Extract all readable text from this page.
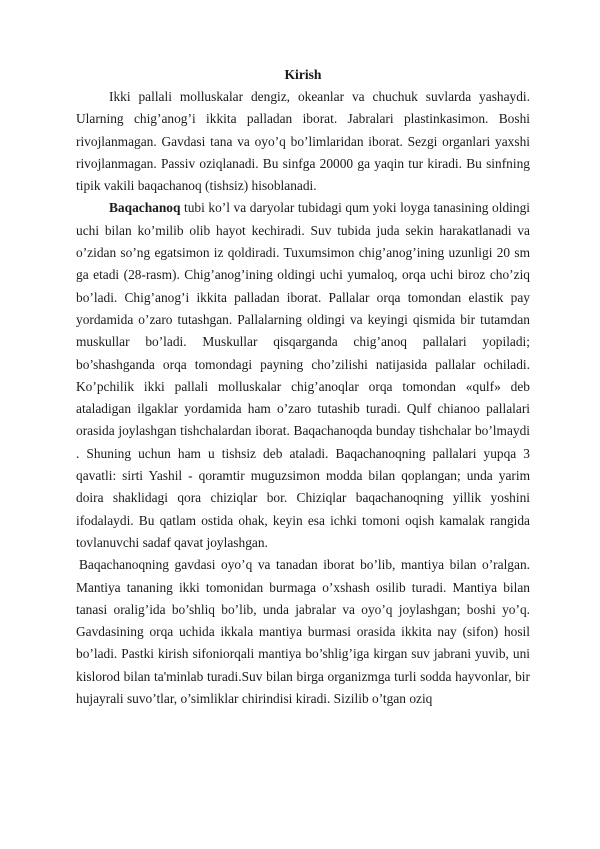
Kirish

Ikki pallali molluskalar dengiz, okeanlar va chuchuk suvlarda yashaydi. Ularning chig’anog’i ikkita palladan iborat. Jabralari plastinkasimon. Boshi rivojlanmagan. Gavdasi tana va oyo’q bo’limlaridan iborat. Sezgi organlari yaxshi rivojlanmagan. Passiv oziqlanadi. Bu sinfga 20000 ga yaqin tur kiradi. Bu sinfning tipik vakili baqachanoq (tishsiz) hisoblanadi.

Baqachanoq tubi ko’l va daryolar tubidagi qum yoki loyga tanasining oldingi uchi bilan ko’milib olib hayot kechiradi. Suv tubida juda sekin harakatlanadi va o’zidan so’ng egatsimon iz qoldiradi. Tuxumsimon chig’anog’ining uzunligi 20 sm ga etadi (28-rasm). Chig’anog’ining oldingi uchi yumaloq, orqa uchi biroz cho’ziq bo’ladi. Chig’anog’i ikkita palladan iborat. Pallalar orqa tomondan elastik pay yordamida o’zaro tutashgan. Pallalarning oldingi va keyingi qismida bir tutamdan muskullar bo’ladi. Muskullar qisqarganda chig’anoq pallalari yopiladi; bo’shashganda orqa tomondagi payning cho’zilishi natijasida pallalar ochiladi. Ko’pchilik ikki pallali molluskalar chig’anoqlar orqa tomondan «qulf» deb ataladigan ilgaklar yordamida ham o’zaro tutashib turadi. Qulf chianoo pallalari orasida joylashgan tishchalardan iborat. Baqachanoqda bunday tishchalar bo’lmaydi . Shuning uchun ham u tishsiz deb ataladi. Baqachanoqning pallalari yupqa 3 qavatli: sirti Yashil - qoramtir muguzsimon modda bilan qoplangan; unda yarim doira shaklidagi qora chiziqlar bor. Chiziqlar baqachanoqning yillik yoshini ifodalaydi. Bu qatlam ostida ohak, keyin esa ichki tomoni oqish kamalak rangida tovlanuvchi sadaf qavat joylashgan.

Baqachanoqning gavdasi oyo’q va tanadan iborat bo’lib, mantiya bilan o’ralgan. Mantiya tananing ikki tomonidan burmaga o’xshash osilib turadi. Mantiya bilan tanasi oralig’ida bo’shliq bo’lib, unda jabralar va oyo’q joylashgan; boshi yo’q. Gavdasining orqa uchida ikkala mantiya burmasi orasida ikkita nay (sifon) hosil bo’ladi. Pastki kirish sifoniorqali mantiya bo’shlig’iga kirgan suv jabrani yuvib, uni kislorod bilan ta'minlab turadi.Suv bilan birga organizmga turli sodda hayvonlar, bir hujayrali suvo’tlar, o’simliklar chirindisi kiradi. Sizilib o’tgan oziq
